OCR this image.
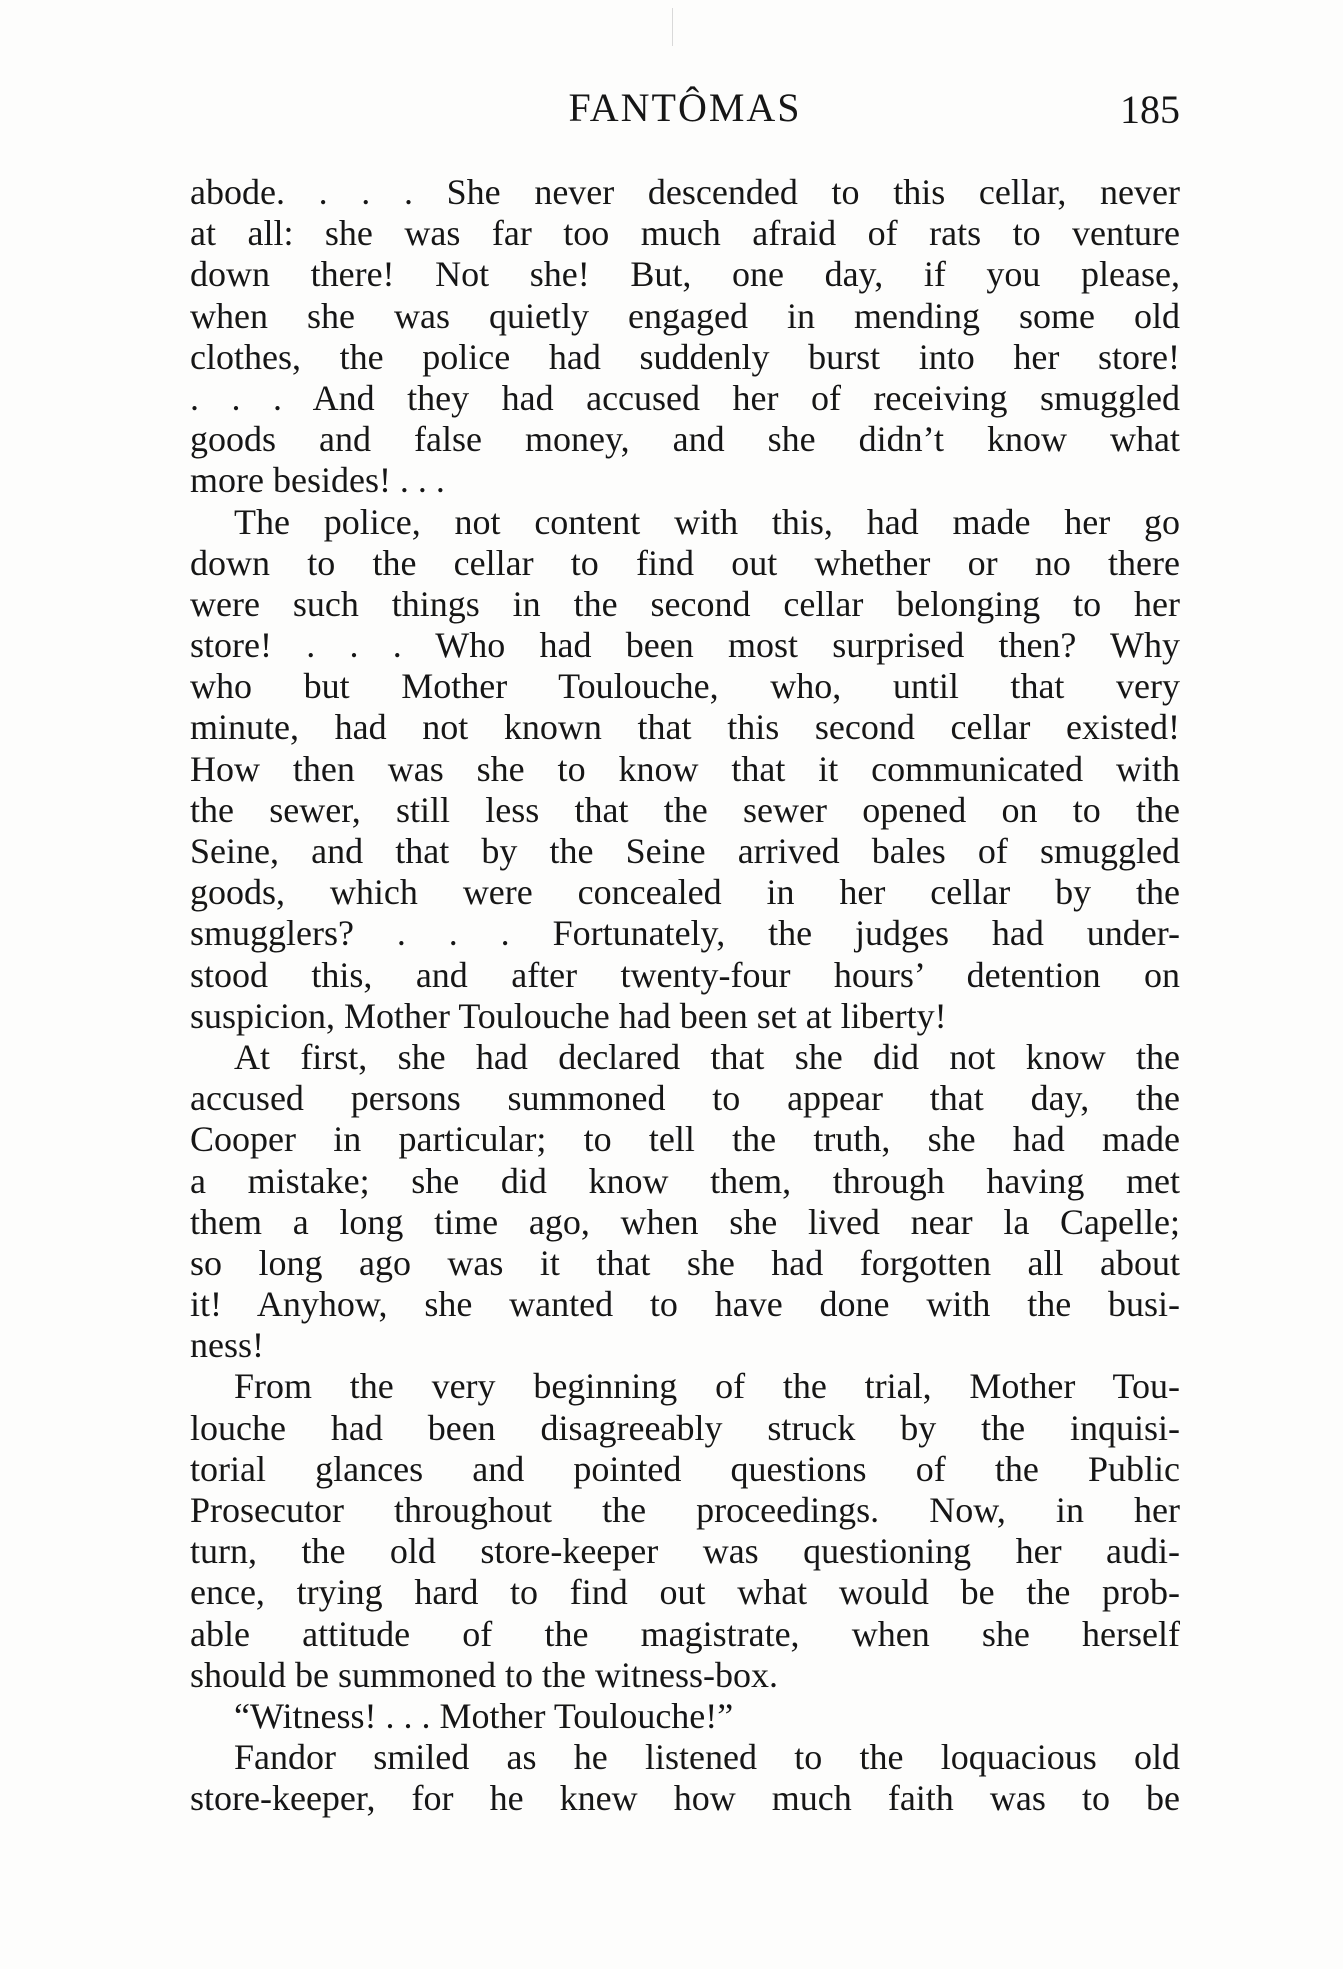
FANTÔMAS	185
abode. . . . She never descended to this cellar, never
at all: she was far too much afraid of rats to venture
down there! Not she! But, one day, if you please,
when she was quietly engaged in mending some old
clothes, the police had suddenly burst into her store!
. . . And they had accused her of receiving smuggled
goods and false money, and she didn’t know what
more besides! . . .
The police, not content with this, had made her go
down to the cellar to find out whether or no there
were such things in the second cellar belonging to her
store! . . . Who had been most surprised then? Why
who but Mother Toulouche, who, until that very
minute, had not known that this second cellar existed!
How then was she to know that it communicated with
the sewer, still less that the sewer opened on to the
Seine, and that by the Seine arrived bales of smuggled
goods, which were concealed in her cellar by the
smugglers? . . . Fortunately, the judges had under-
stood this, and after twenty-four hours’ detention on
suspicion, Mother Toulouche had been set at liberty!
At first, she had declared that she did not know the
accused persons summoned to appear that day, the
Cooper in particular; to tell the truth, she had made
a mistake; she did know them, through having met
them a long time ago, when she lived near la Capelle;
so long ago was it that she had forgotten all about
it! Anyhow, she wanted to have done with the busi-
ness!
From the very beginning of the trial, Mother Tou-
louche had been disagreeably struck by the inquisi-
torial glances and pointed questions of the Public
Prosecutor throughout the proceedings. Now, in her
turn, the old store-keeper was questioning her audi-
ence, trying hard to find out what would be the prob-
able attitude of the magistrate, when she herself
should be summoned to the witness-box.
“Witness! . . . Mother Toulouche!”
Fandor smiled as he listened to the loquacious old
store-keeper, for he knew how much faith was to be
